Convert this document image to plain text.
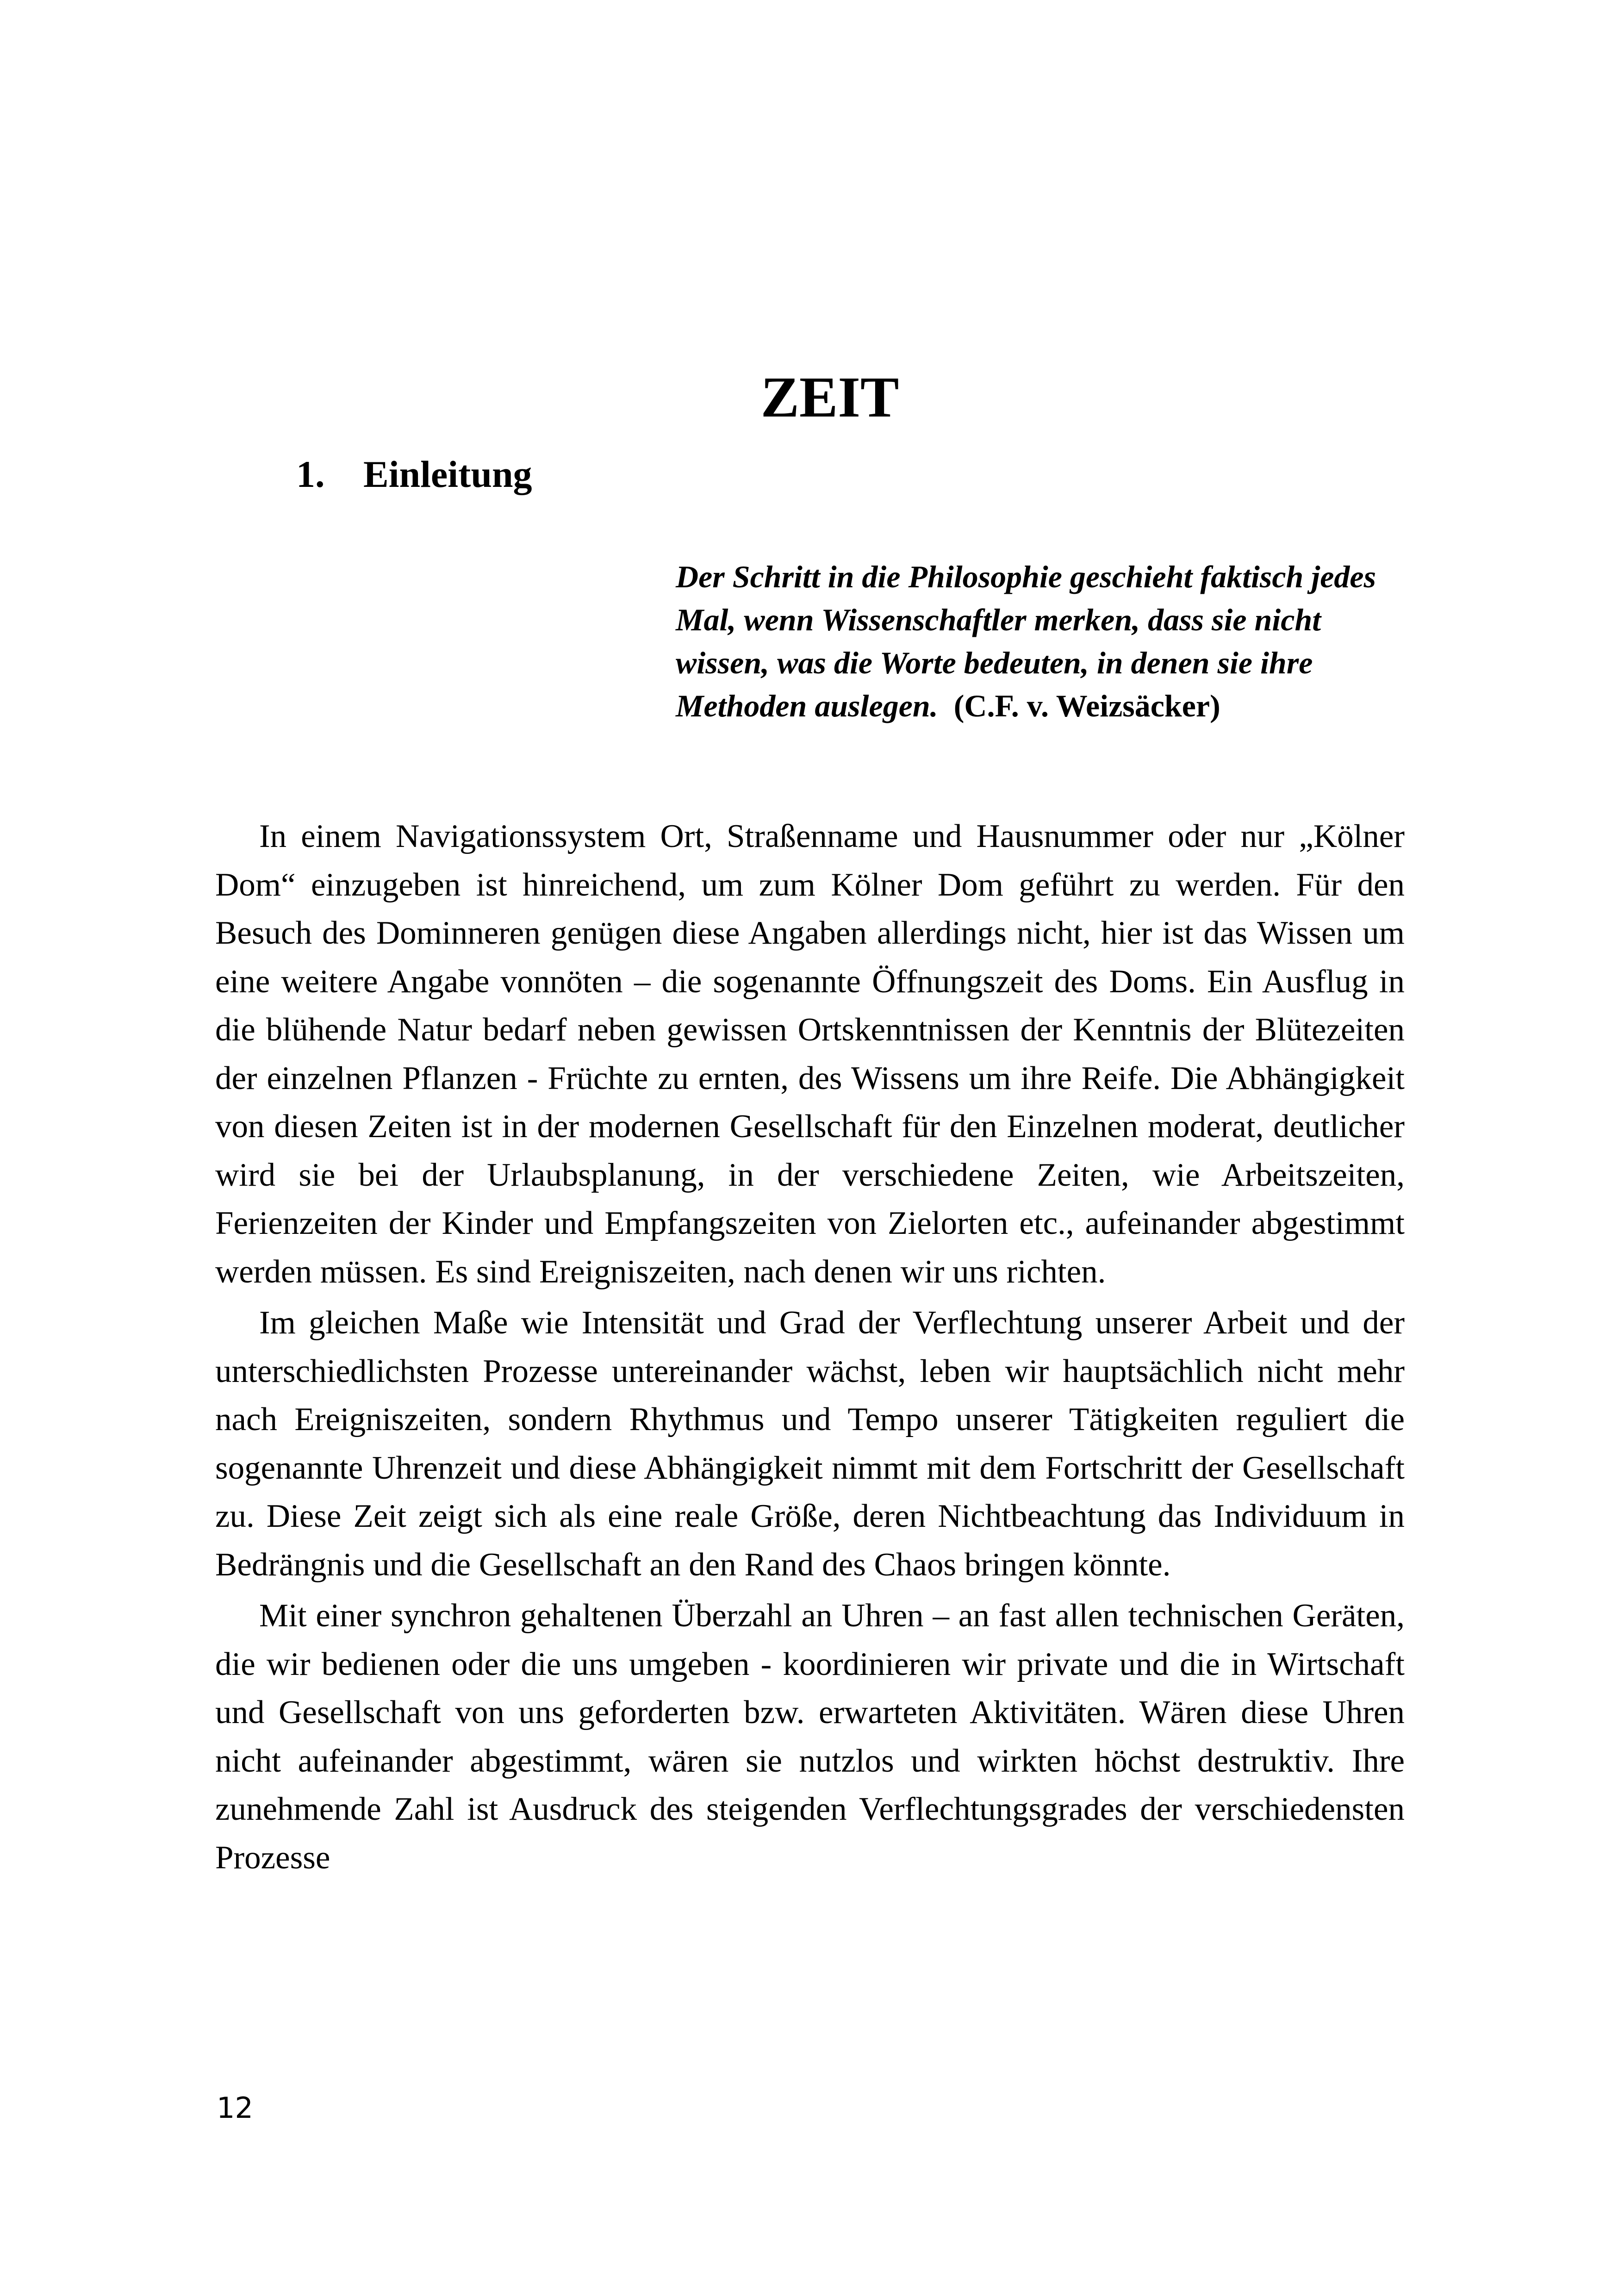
ZEIT
1. Einleitung
Der Schritt in die Philosophie geschieht faktisch jedes Mal, wenn Wissenschaftler merken, dass sie nicht wissen, was die Worte bedeuten, in denen sie ihre Methoden auslegen. (C.F. v. Weizsäcker)

In einem Navigationssystem Ort, Straßenname und Hausnummer oder nur „Kölner Dom“ einzugeben ist hinreichend, um zum Kölner Dom geführt zu werden. Für den Besuch des Dominneren genügen diese Angaben allerdings nicht, hier ist das Wissen um eine weitere Angabe vonnöten – die sogenannte Öffnungszeit des Doms. Ein Ausflug in die blühende Natur bedarf neben gewissen Ortskenntnissen der Kenntnis der Blütezeiten der einzelnen Pflanzen - Früchte zu ernten, des Wissens um ihre Reife. Die Abhängigkeit von diesen Zeiten ist in der modernen Gesellschaft für den Einzelnen moderat, deutlicher wird sie bei der Urlaubsplanung, in der verschiedene Zeiten, wie Arbeitszeiten, Ferienzeiten der Kinder und Empfangszeiten von Zielorten etc., aufeinander abgestimmt werden müssen. Es sind Ereigniszeiten, nach denen wir uns richten.

Im gleichen Maße wie Intensität und Grad der Verflechtung unserer Arbeit und der unterschiedlichsten Prozesse untereinander wächst, leben wir hauptsächlich nicht mehr nach Ereigniszeiten, sondern Rhythmus und Tempo unserer Tätigkeiten reguliert die sogenannte Uhrenzeit und diese Abhängigkeit nimmt mit dem Fortschritt der Gesellschaft zu. Diese Zeit zeigt sich als eine reale Größe, deren Nichtbeachtung das Individuum in Bedrängnis und die Gesellschaft an den Rand des Chaos bringen könnte.

Mit einer synchron gehaltenen Überzahl an Uhren – an fast allen technischen Geräten, die wir bedienen oder die uns umgeben - koordinieren wir private und die in Wirtschaft und Gesellschaft von uns geforderten bzw. erwarteten Aktivitäten. Wären diese Uhren nicht aufeinander abgestimmt, wären sie nutzlos und wirkten höchst destruktiv. Ihre zunehmende Zahl ist Ausdruck des steigenden Verflechtungsgrades der verschiedensten Prozesse

12
